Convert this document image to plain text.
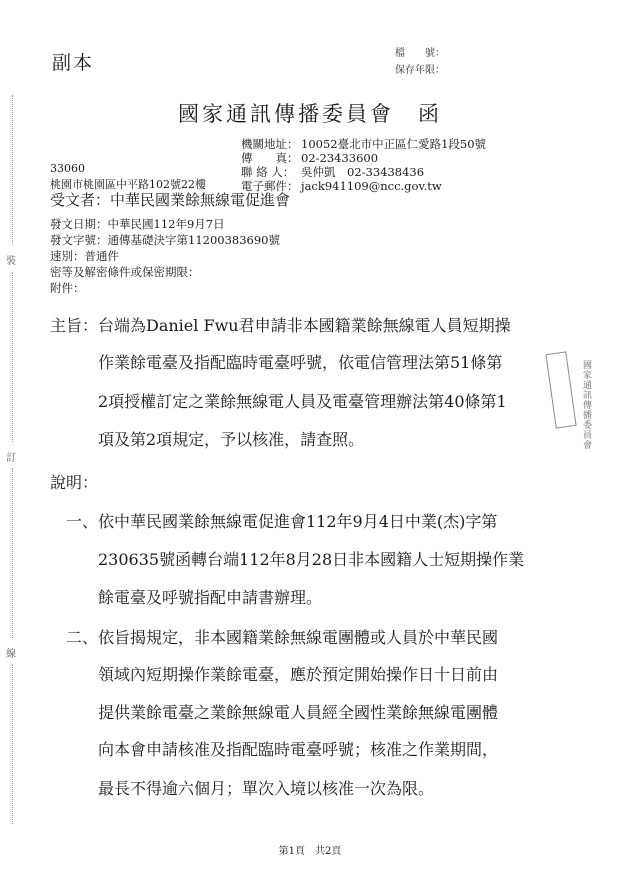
副本	檔　　號：
保存年限：
國家通訊傳播委員會　函
機關地址： 10052臺北市中正區仁愛路1段50號
傳　　真： 02-23433600
聯 絡 人： 吳仲凱　02-33438436
電子郵件： jack941109@ncc.gov.tw
33060
桃園市桃園區中平路102號22樓
受文者：中華民國業餘無線電促進會
發文日期：中華民國112年9月7日
發文字號：通傳基礎決字第11200383690號
速別：普通件
密等及解密條件或保密期限：
附件：
主旨：台端為Daniel Fwu君申請非本國籍業餘無線電人員短期操
作業餘電臺及指配臨時電臺呼號，依電信管理法第51條第
2項授權訂定之業餘無線電人員及電臺管理辦法第40條第1
項及第2項規定，予以核准，請查照。
說明：
一、依中華民國業餘無線電促進會112年9月4日中業(杰)字第
230635號函轉台端112年8月28日非本國籍人士短期操作業
餘電臺及呼號指配申請書辦理。
二、依旨揭規定，非本國籍業餘無線電團體或人員於中華民國
領域內短期操作業餘電臺，應於預定開始操作日十日前由
提供業餘電臺之業餘無線電人員經全國性業餘無線電團體
向本會申請核准及指配臨時電臺呼號；核准之作業期間，
最長不得逾六個月；單次入境以核准一次為限。
裝
訂
線
國家通訊傳播委員會
第1頁　共2頁
